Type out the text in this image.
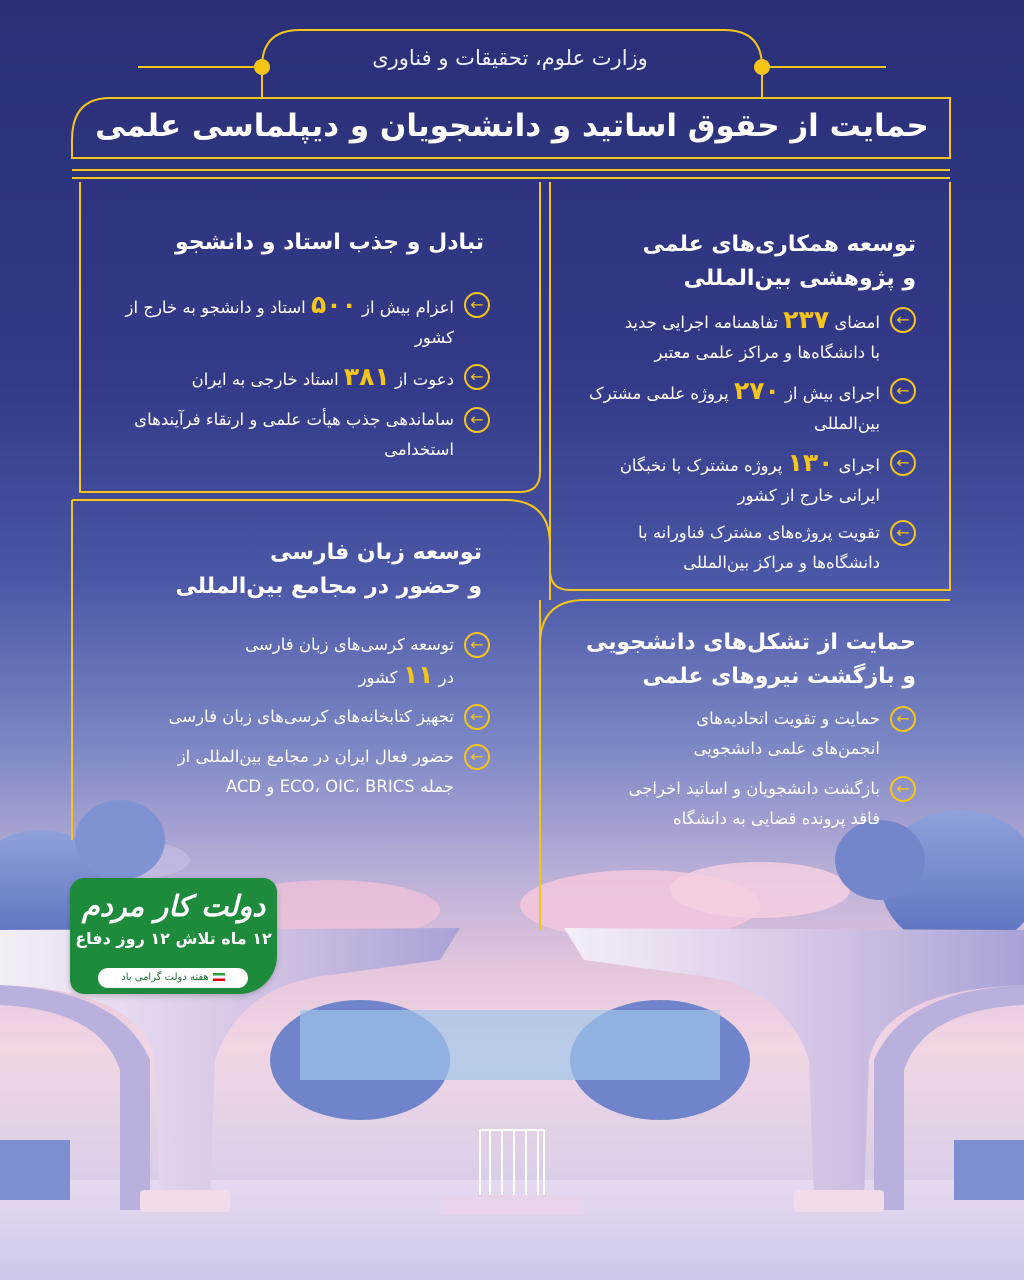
وزارت علوم، تحقیقات و فناوری
حمایت از حقوق اساتید و دانشجویان و دیپلماسی علمی
توسعه همکاری‌های علمی
و پژوهشی بین‌المللی
←
امضای ۲۳۷ تفاهمنامه اجرایی جدید
با دانشگاه‌ها و مراکز علمی معتبر
←
اجرای بیش از ۲۷۰ پروژه علمی مشترک
بین‌المللی
←
اجرای ۱۳۰ پروژه مشترک با نخبگان
ایرانی خارج از کشور
←
تقویت پروژه‌های مشترک فناورانه با
دانشگاه‌ها و مراکز بین‌المللی
تبادل و جذب استاد و دانشجو
←
اعزام بیش از ۵۰۰ استاد و دانشجو به خارج از
کشور
←
دعوت از ۳۸۱ استاد خارجی به ایران
←
ساماندهی جذب هیأت علمی و ارتقاء فرآیندهای
استخدامی
توسعه زبان فارسی
و حضور در مجامع بین‌المللی
←
توسعه کرسی‌های زبان فارسی
در ۱۱ کشور
←
تجهیز کتابخانه‌های کرسی‌های زبان فارسی
←
حضور فعال ایران در مجامع بین‌المللی از
جمله ECO، OIC، BRICS و ACD
حمایت از تشکل‌های دانشجویی
و بازگشت نیروهای علمی
←
حمایت و تقویت اتحادیه‌های
انجمن‌های علمی دانشجویی
←
بازگشت دانشجویان و اساتید اخراجی
فاقد پرونده قضایی به دانشگاه
دولت کار مردم
۱۲ ماه تلاش ۱۲ روز دفاع
هفته دولت گرامی باد
